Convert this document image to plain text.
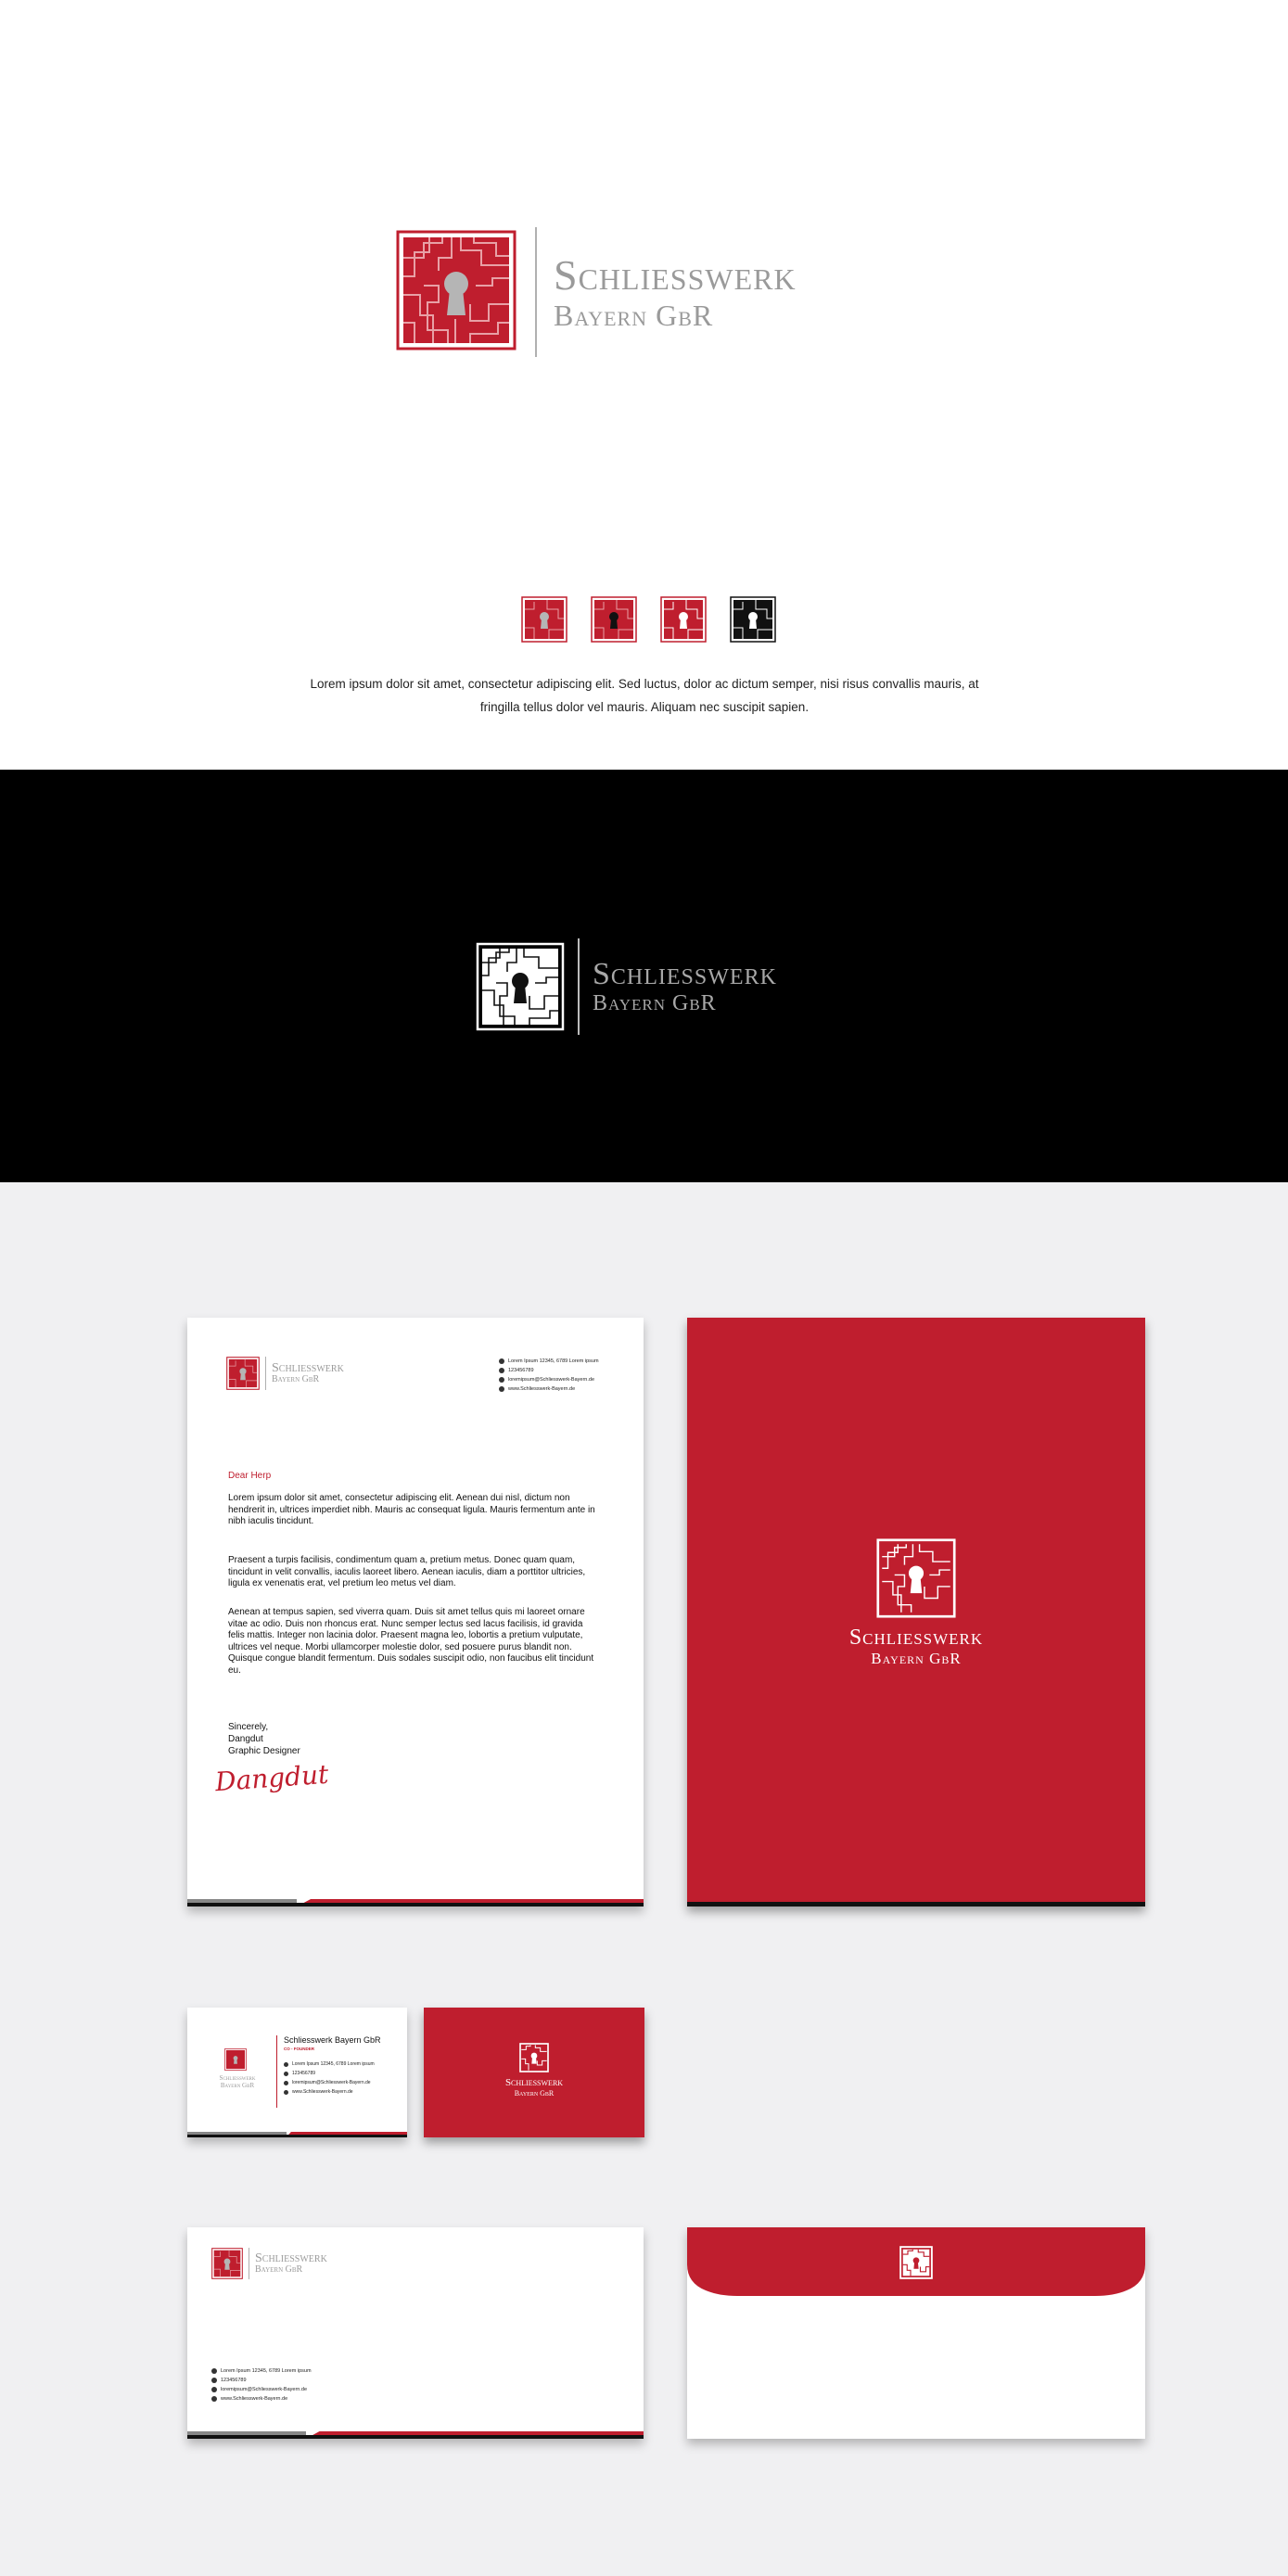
Schliesswerk
Bayern GbR

Lorem ipsum dolor sit amet, consectetur adipiscing elit. Sed luctus, dolor ac dictum semper, nisi risus convallis mauris, at fringilla tellus dolor vel mauris. Aliquam nec suscipit sapien.

Schliesswerk
Bayern GbR
Schliesswerk
Bayern GbR
Lorem Ipsum 12345, 6789 Lorem ipsum
123456789
loremipsum@Schliesswerk-Bayern.de
www.Schliesswerk-Bayern.de
Dear Herp
Lorem ipsum dolor sit amet, consectetur adipiscing elit. Aenean dui nisl, dictum non hendrerit in, ultrices imperdiet nibh. Mauris ac consequat ligula. Mauris fermentum ante in nibh iaculis tincidunt.
Praesent a turpis facilisis, condimentum quam a, pretium metus. Donec quam quam, tincidunt in velit convallis, iaculis laoreet libero. Aenean iaculis, diam a porttitor ultricies, ligula ex venenatis erat, vel pretium leo metus vel diam.
Aenean at tempus sapien, sed viverra quam. Duis sit amet tellus quis mi laoreet ornare vitae ac odio. Duis non rhoncus erat. Nunc semper lectus sed lacus facilisis, id gravida felis mattis. Integer non lacinia dolor. Praesent magna leo, lobortis a pretium vulputate, ultrices vel neque. Morbi ullamcorper molestie dolor, sed posuere purus blandit non. Quisque congue blandit fermentum. Duis sodales suscipit odio, non faucibus elit tincidunt eu.
Sincerely,
Dangdut
Graphic Designer
Dangdut
Schliesswerk
Bayern GbR
Schliesswerk
Bayern GbR
Schliesswerk Bayern GbR
CO - FOUNDER
Lorem Ipsum 12345, 6789 Lorem ipsum
123456789
loremipsum@Schliesswerk-Bayern.de
www.Schliesswerk-Bayern.de
Schliesswerk
Bayern GbR
Schliesswerk
Bayern GbR
Lorem Ipsum 12345, 6789 Lorem ipsum
123456789
loremipsum@Schliesswerk-Bayern.de
www.Schliesswerk-Bayern.de
